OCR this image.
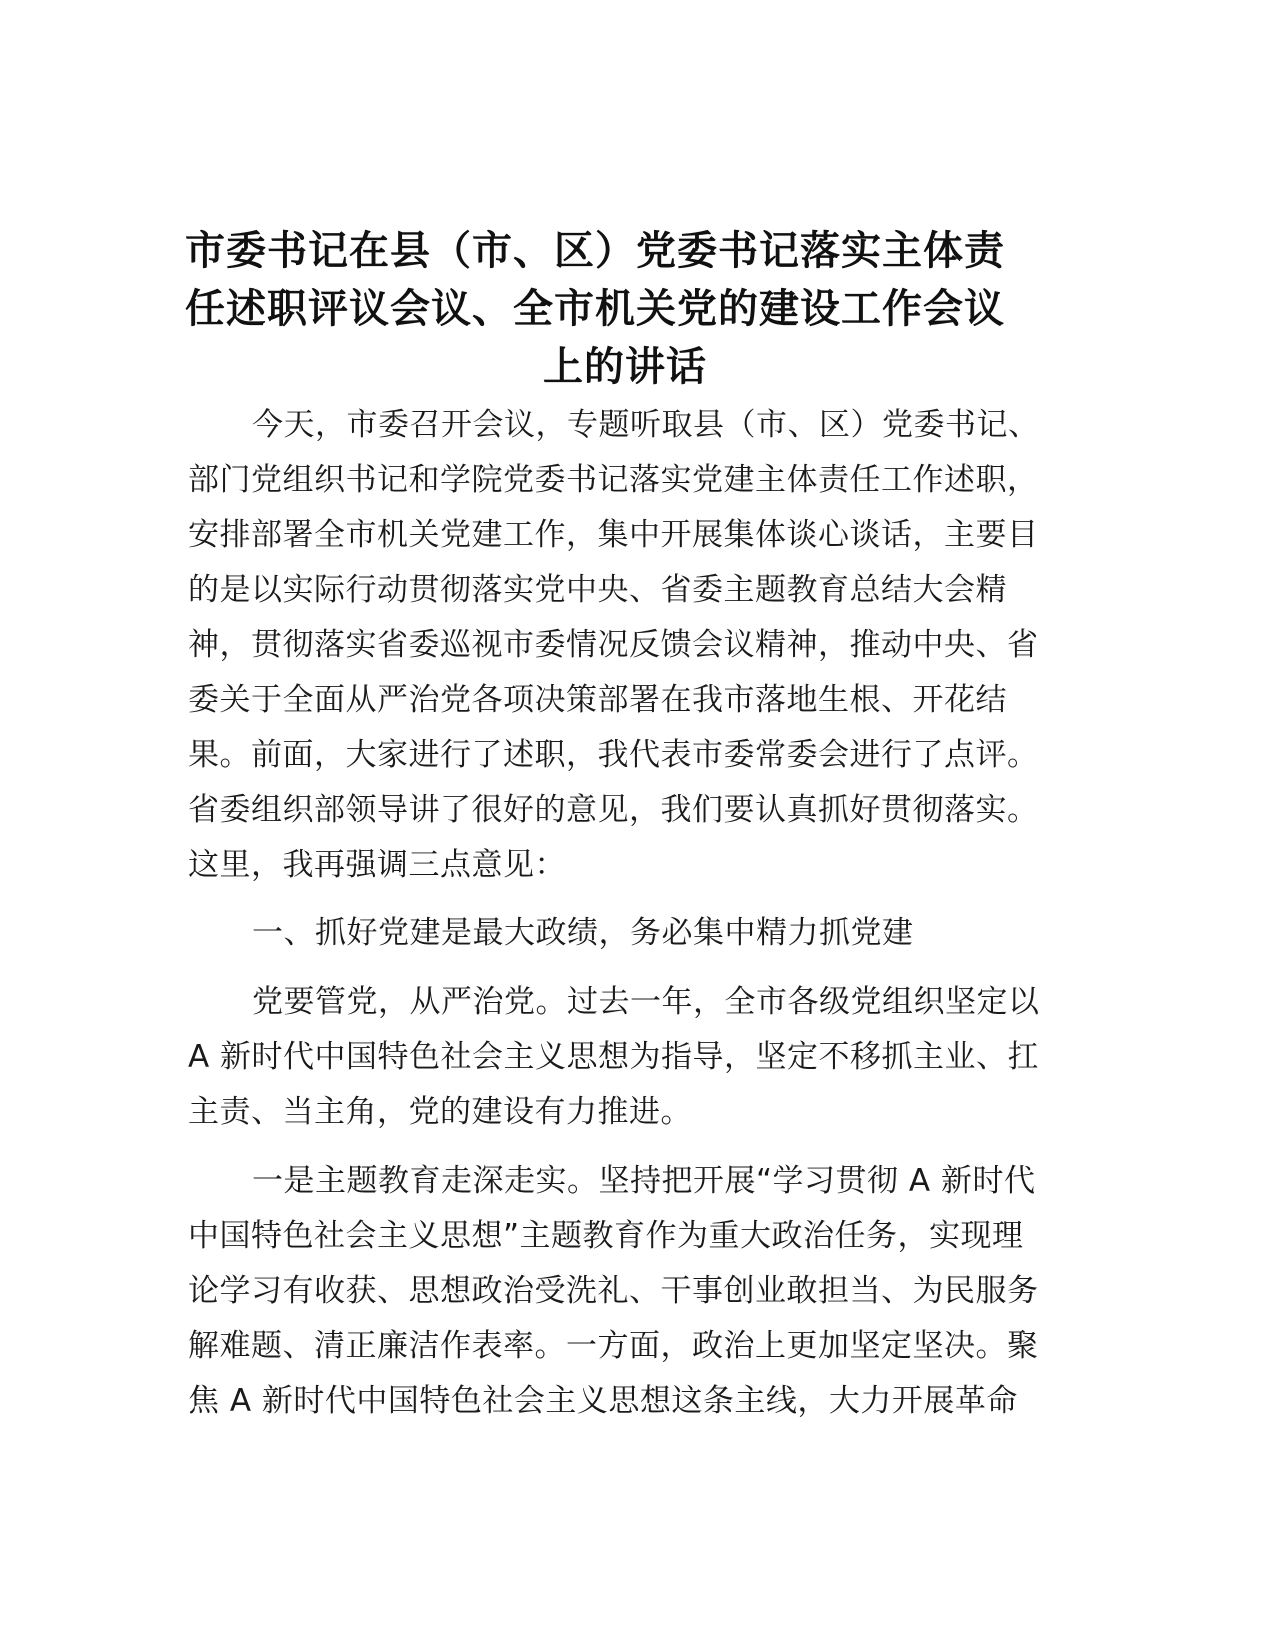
市委书记在县（市、区）党委书记落实主体责
任述职评议会议、全市机关党的建设工作会议
上的讲话

今天，市委召开会议，专题听取县（市、区）党委书记、

部门党组织书记和学院党委书记落实党建主体责任工作述职，

安排部署全市机关党建工作，集中开展集体谈心谈话，主要目

的是以实际行动贯彻落实党中央、省委主题教育总结大会精

神，贯彻落实省委巡视市委情况反馈会议精神，推动中央、省

委关于全面从严治党各项决策部署在我市落地生根、开花结

果。前面，大家进行了述职，我代表市委常委会进行了点评。

省委组织部领导讲了很好的意见，我们要认真抓好贯彻落实。

这里，我再强调三点意见：

一、抓好党建是最大政绩，务必集中精力抓党建

党要管党，从严治党。过去一年，全市各级党组织坚定以

A 新时代中国特色社会主义思想为指导，坚定不移抓主业、扛

主责、当主角，党的建设有力推进。

一是主题教育走深走实。坚持把开展“学习贯彻 A 新时代

中国特色社会主义思想”主题教育作为重大政治任务，实现理

论学习有收获、思想政治受洗礼、干事创业敢担当、为民服务

解难题、清正廉洁作表率。一方面，政治上更加坚定坚决。聚

焦 A 新时代中国特色社会主义思想这条主线，大力开展革命
